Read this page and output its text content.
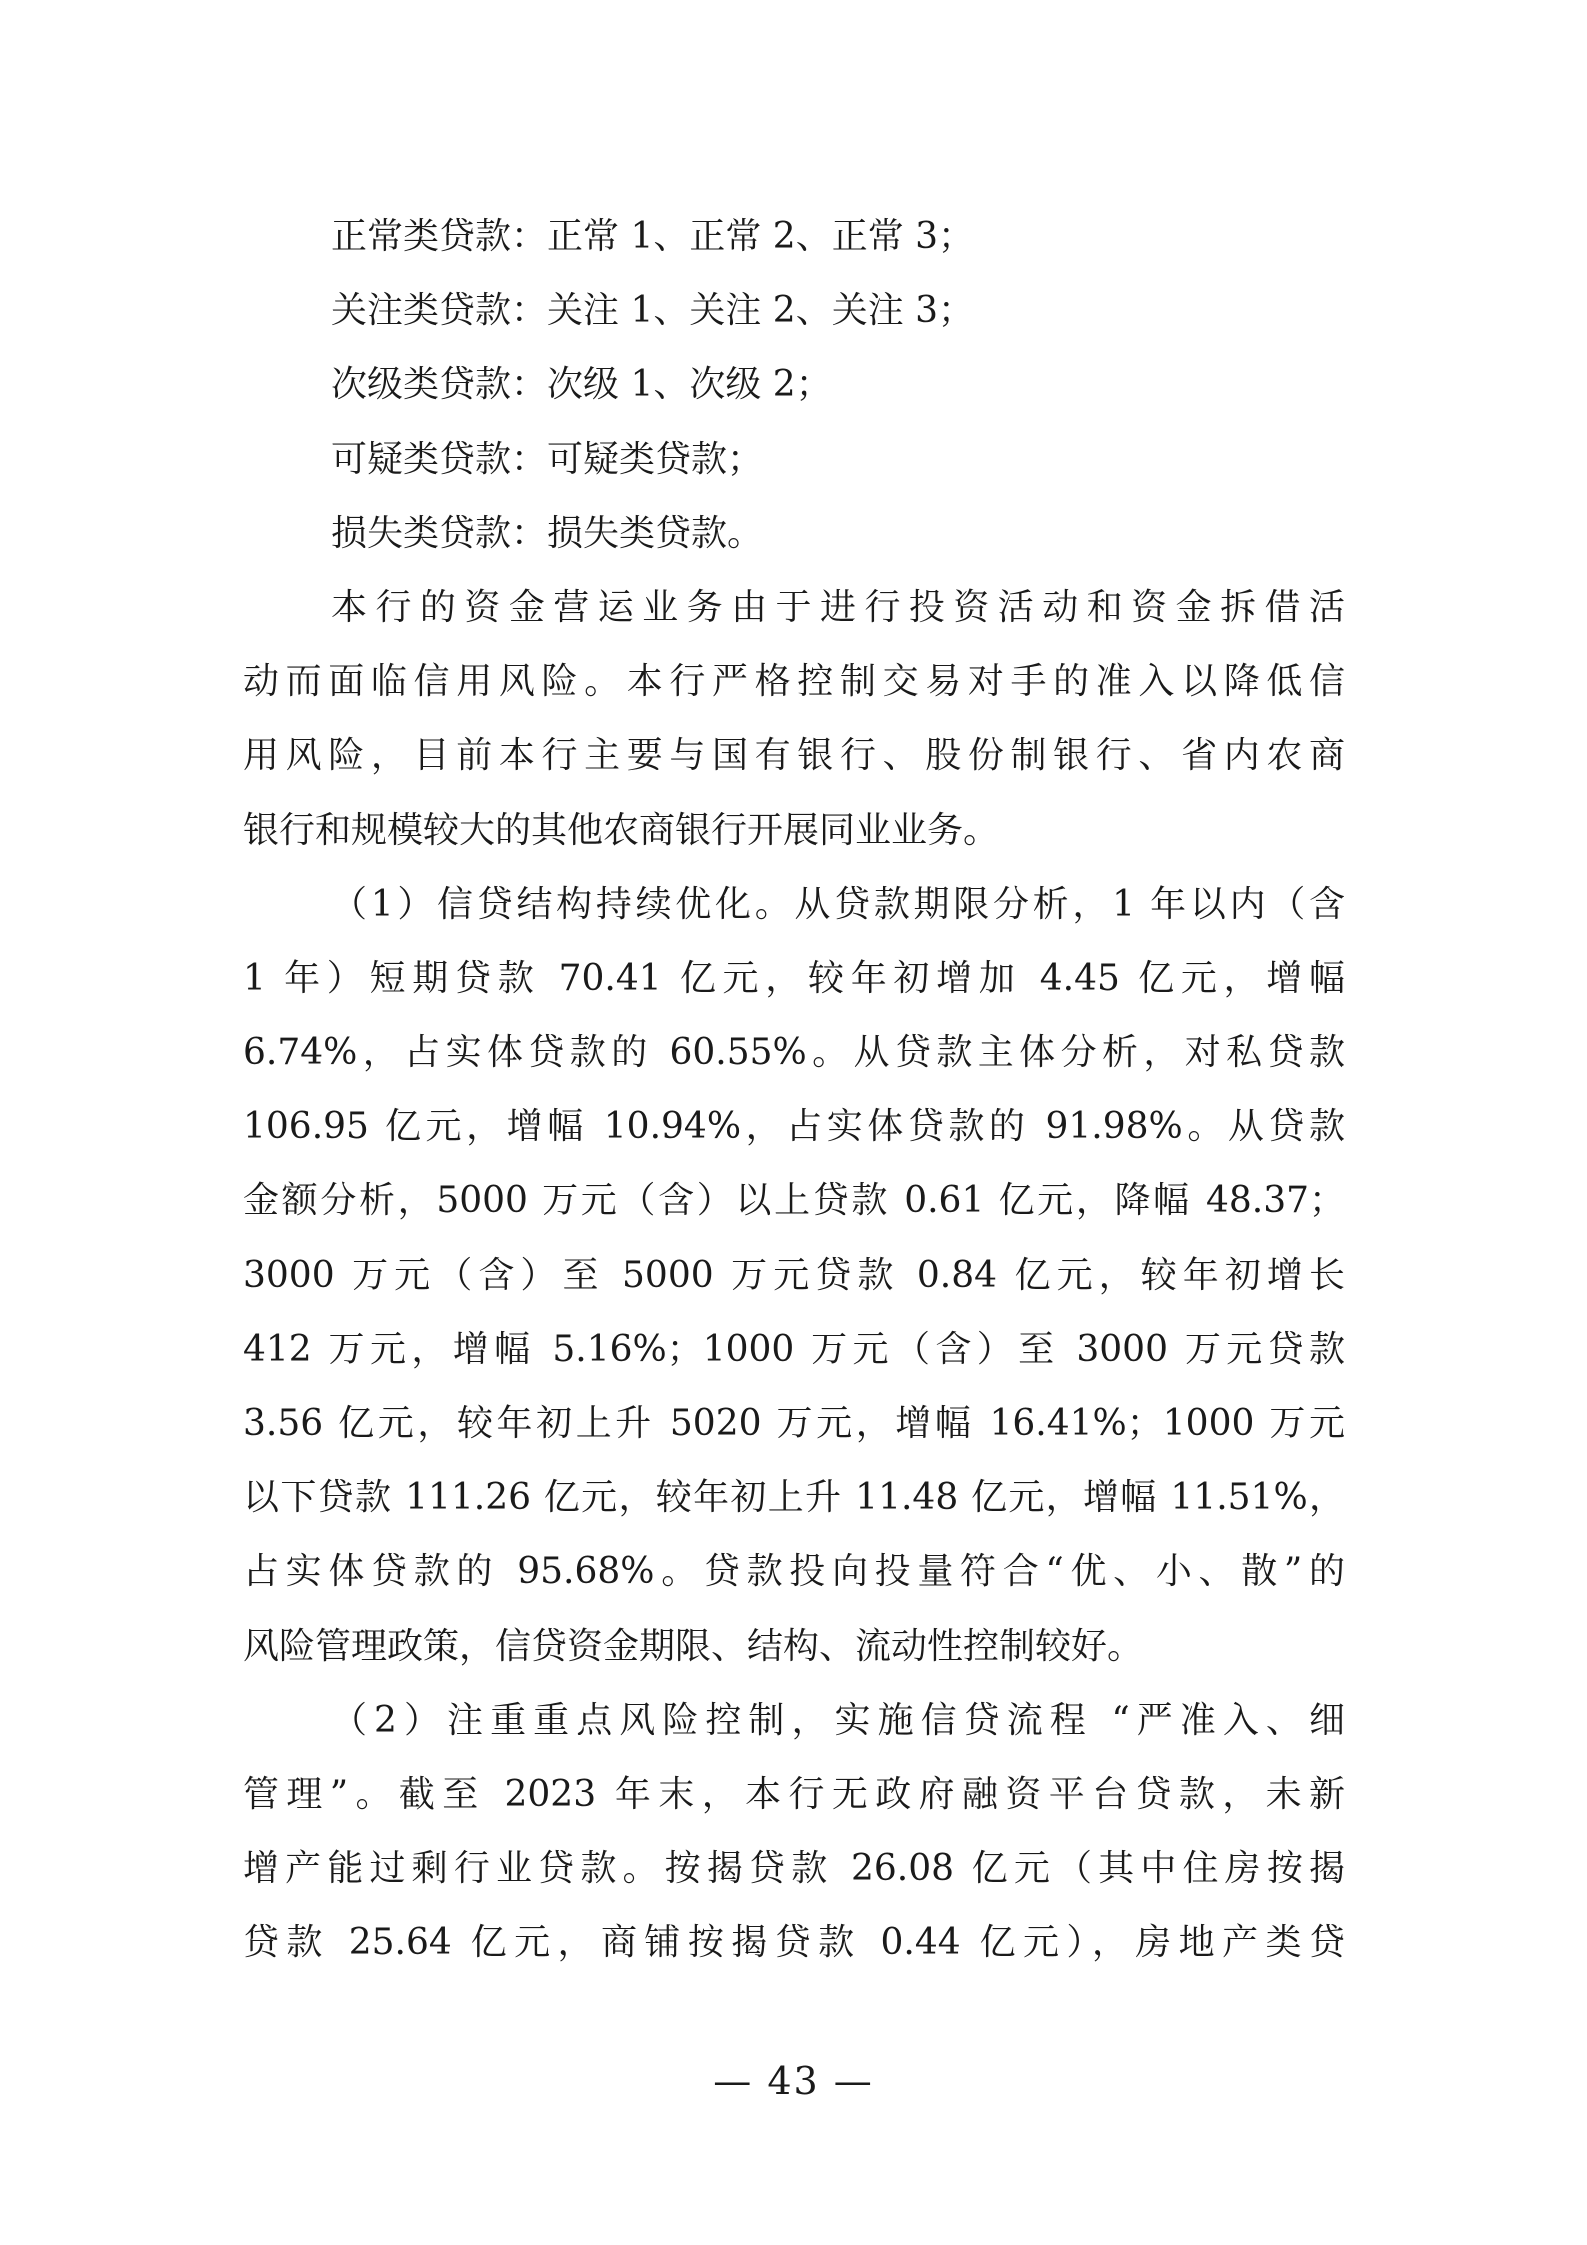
正常类贷款：正常 1、正常 2、正常 3；
关注类贷款：关注 1、关注 2、关注 3；
次级类贷款：次级 1、次级 2；
可疑类贷款：可疑类贷款；
损失类贷款：损失类贷款。
本行的资金营运业务由于进行投资活动和资金拆借活
动而面临信用风险。本行严格控制交易对手的准入以降低信
用风险，目前本行主要与国有银行、股份制银行、省内农商
银行和规模较大的其他农商银行开展同业业务。
（1）信贷结构持续优化。从贷款期限分析，1 年以内（含
1 年）短期贷款 70.41 亿元，较年初增加 4.45 亿元，增幅
6.74%，占实体贷款的 60.55%。从贷款主体分析，对私贷款
106.95 亿元，增幅 10.94%，占实体贷款的 91.98%。从贷款
金额分析，5000 万元（含）以上贷款 0.61 亿元，降幅 48.37；
3000 万元（含）至 5000 万元贷款 0.84 亿元，较年初增长
412 万元，增幅 5.16%；1000 万元（含）至 3000 万元贷款
3.56 亿元，较年初上升 5020 万元，增幅 16.41%；1000 万元
以下贷款 111.26 亿元，较年初上升 11.48 亿元，增幅 11.51%，
占实体贷款的 95.68%。贷款投向投量符合“优、小、散”的
风险管理政策，信贷资金期限、结构、流动性控制较好。
（2）注重重点风险控制，实施信贷流程 “严准入、细
管理”。截至 2023 年末，本行无政府融资平台贷款，未新
增产能过剩行业贷款。按揭贷款 26.08 亿元（其中住房按揭
贷款 25.64 亿元，商铺按揭贷款 0.44 亿元），房地产类贷
— 43 —
